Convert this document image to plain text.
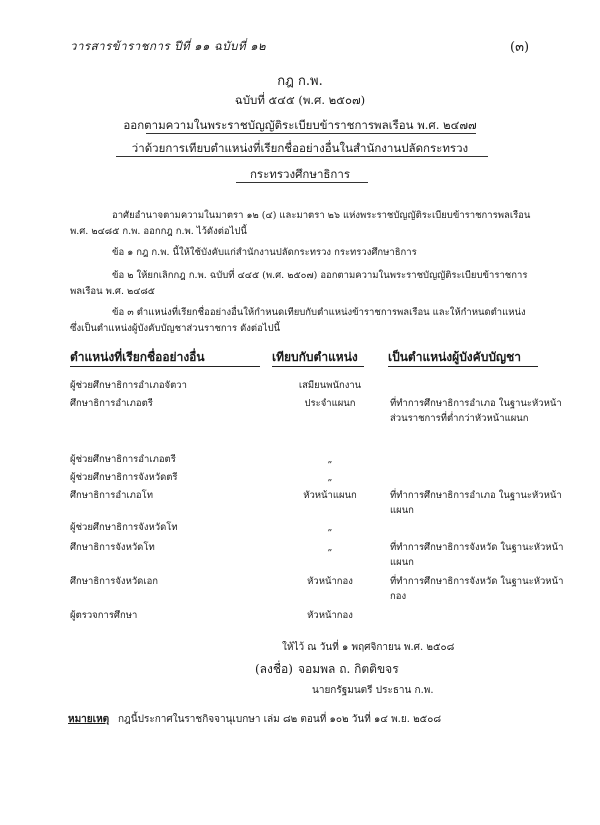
วารสารข้าราชการ ปีที่ ๑๑ ฉบับที่ ๑๒	(๓)
กฎ ก.พ.
ฉบับที่ ๕๔๕ (พ.ศ. ๒๕๐๗)
ออกตามความในพระราชบัญญัติระเบียบข้าราชการพลเรือน พ.ศ. ๒๔๗๗
ว่าด้วยการเทียบตำแหน่งที่เรียกชื่ออย่างอื่นในสำนักงานปลัดกระทรวง
กระทรวงศึกษาธิการ
อาศัยอำนาจตามความในมาตรา ๑๒ (๔) และมาตรา ๒๖ แห่งพระราชบัญญัติระเบียบข้าราชการพลเรือน
พ.ศ. ๒๔๘๕ ก.พ. ออกกฎ ก.พ. ไว้ดังต่อไปนี้
ข้อ ๑ กฎ ก.พ. นี้ให้ใช้บังคับแก่สำนักงานปลัดกระทรวง กระทรวงศึกษาธิการ
ข้อ ๒ ให้ยกเลิกกฎ ก.พ. ฉบับที่ ๔๔๕ (พ.ศ. ๒๕๐๗) ออกตามความในพระราชบัญญัติระเบียบข้าราชการ
พลเรือน พ.ศ. ๒๔๘๕
ข้อ ๓ ตำแหน่งที่เรียกชื่ออย่างอื่นให้กำหนดเทียบกับตำแหน่งข้าราชการพลเรือน และให้กำหนดตำแหน่ง
ซึ่งเป็นตำแหน่งผู้บังคับบัญชาส่วนราชการ ดังต่อไปนี้
ตำแหน่งที่เรียกชื่ออย่างอื่น	เทียบกับตำแหน่ง	เป็นตำแหน่งผู้บังคับบัญชา
ผู้ช่วยศึกษาธิการอำเภอจัตวา	เสมียนพนักงาน
ศึกษาธิการอำเภอตรี	ประจำแผนก	ที่ทำการศึกษาธิการอำเภอ ในฐานะหัวหน้าส่วนราชการที่ต่ำกว่าหัวหน้าแผนก
ผู้ช่วยศึกษาธิการอำเภอตรี	„
ผู้ช่วยศึกษาธิการจังหวัดตรี	„
ศึกษาธิการอำเภอโท	หัวหน้าแผนก	ที่ทำการศึกษาธิการอำเภอ ในฐานะหัวหน้าแผนก
ผู้ช่วยศึกษาธิการจังหวัดโท	„
ศึกษาธิการจังหวัดโท	„	ที่ทำการศึกษาธิการจังหวัด ในฐานะหัวหน้าแผนก
ศึกษาธิการจังหวัดเอก	หัวหน้ากอง	ที่ทำการศึกษาธิการจังหวัด ในฐานะหัวหน้ากอง
ผู้ตรวจการศึกษา	หัวหน้ากอง
ให้ไว้ ณ วันที่ ๑ พฤศจิกายน พ.ศ. ๒๕๐๘
(ลงชื่อ) จอมพล ถ. กิตติขจร
นายกรัฐมนตรี ประธาน ก.พ.
หมายเหตุ กฎนี้ประกาศในราชกิจจานุเบกษา เล่ม ๘๒ ตอนที่ ๑๐๒ วันที่ ๑๔ พ.ย. ๒๕๐๘
